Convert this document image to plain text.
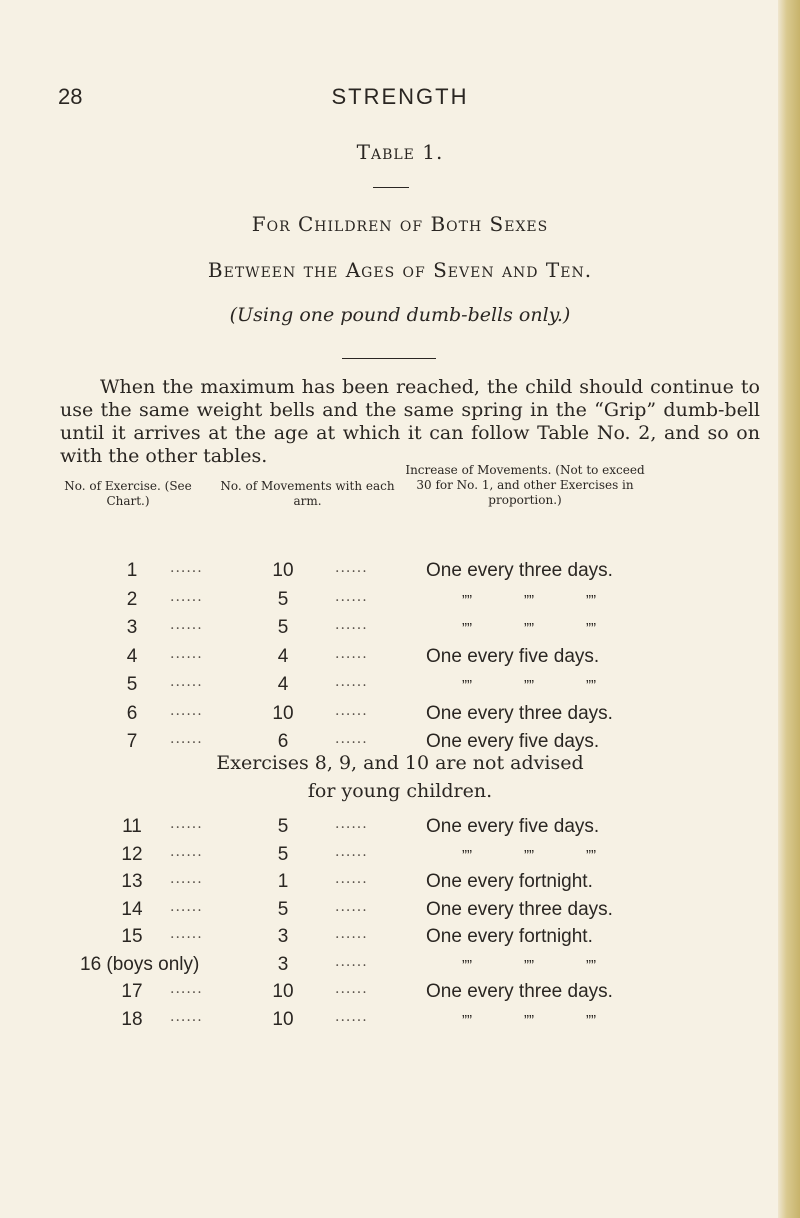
28	STRENGTH
Table 1.
For Children of Both Sexes
Between the Ages of Seven and Ten.
(Using one pound dumb-bells only.)
When the maximum has been reached, the child should continue to use the same weight bells and the same spring in the “Grip” dumb-bell until it arrives at the age at which it can follow Table No. 2, and so on with the other tables.
No. of Exercise. (See Chart.)
No. of Movements with each arm.
Increase of Movements. (Not to exceed 30 for No. 1, and other Exercises in proportion.)
1	......	10	......	One every three days.
2	......	5	......	””	””	””
3	......	5	......	””	””	””
4	......	4	......	One every five days.
5	......	4	......	””	””	””
6	......	10	......	One every three days.
7	......	6	......	One every five days.
Exercises 8, 9, and 10 are not advised
for young children.
11	......	5	......	One every five days.
12	......	5	......	””	””	””
13	......	1	......	One every fortnight.
14	......	5	......	One every three days.
15	......	3	......	One every fortnight.
16 (boys only)	3	......	””	””	””
17	......	10	......	One every three days.
18	......	10	......	””	””	””
